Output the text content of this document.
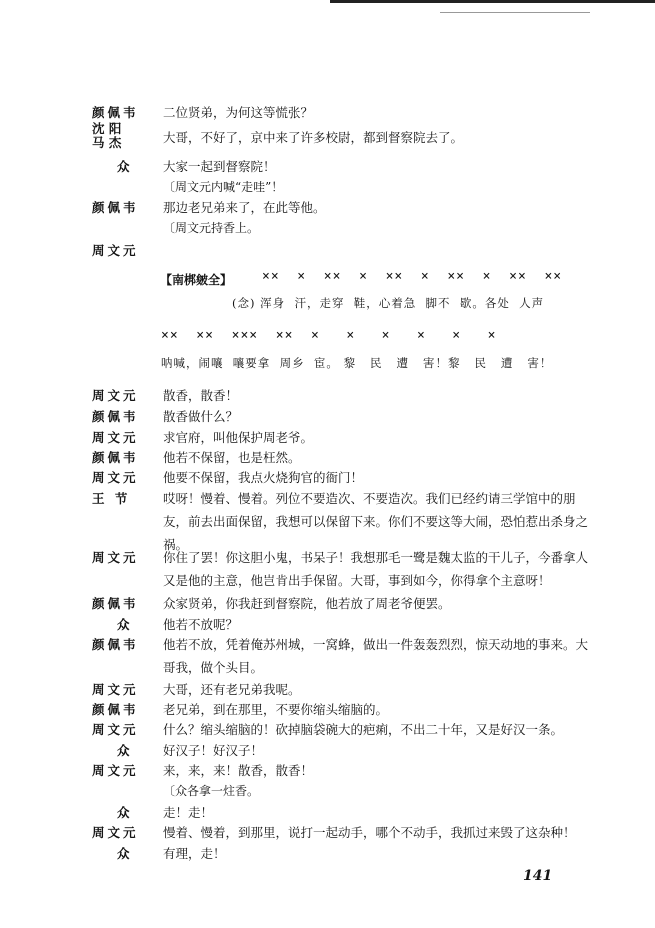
颜佩韦	二位贤弟，为何这等慌张？
沈 阳
马 杰	大哥，不好了，京中来了许多校尉，都到督察院去了。
众	大家一起到督察院！
〔周文元内喊“走哇”！
颜佩韦	那边老兄弟来了，在此等他。
〔周文元持香上。
周文元
【南梆皴全】 ××  ×  ××  ×  ××  ×  ××  ×  ××  ××
(念) 浑身  汗，走穿  鞋，心着急  脚不  歇。各处  人声
××  ××  ×××  ××  ×   ×   ×   ×   ×   ×
呐喊，闹嚷  嚷要拿  周乡  宦。 黎   民   遭   害！黎   民   遭   害！
周文元	散香，散香！
颜佩韦	散香做什么？
周文元	求官府，叫他保护周老爷。
颜佩韦	他若不保留，也是枉然。
周文元	他要不保留，我点火烧狗官的衙门！
王 节	哎呀！慢着、慢着。列位不要造次、不要造次。我们已经约请三学馆中的朋友，前去出面保留，我想可以保留下来。你们不要这等大闹，恐怕惹出杀身之祸。
周文元	你住了罢！你这胆小鬼，书呆子！我想那毛一鹭是魏太监的干儿子，今番拿人又是他的主意，他岂肯出手保留。大哥，事到如今，你得拿个主意呀！
颜佩韦	众家贤弟，你我赶到督察院，他若放了周老爷便罢。
众	他若不放呢？
颜佩韦	他若不放，凭着俺苏州城，一窝蜂，做出一件轰轰烈烈，惊天动地的事来。大哥我，做个头目。
周文元	大哥，还有老兄弟我呢。
颜佩韦	老兄弟，到在那里，不要你缩头缩脑的。
周文元	什么？缩头缩脑的！砍掉脑袋碗大的疤痢，不出二十年，又是好汉一条。
众	好汉子！好汉子！
周文元	来，来，来！散香，散香！
〔众各拿一炷香。
众	走！走！
周文元	慢着、慢着，到那里，说打一起动手，哪个不动手，我抓过来毁了这杂种！
众	有理，走！
141
